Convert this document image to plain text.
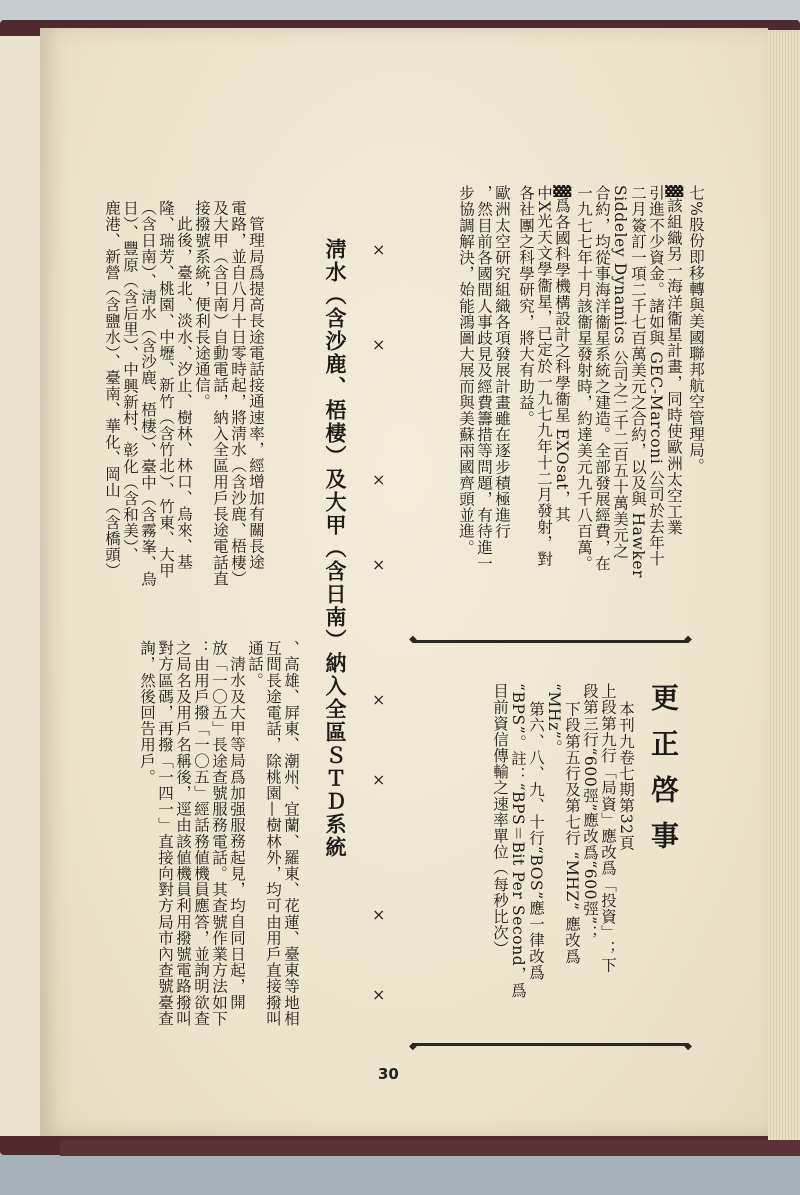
七%股份即移轉與美國聯邦航空管理局。
▓該組織另一海洋衞星計畫，同時使歐洲太空工業
引進不少資金。諸如與 GEC-Marconi 公司於去年十
二月簽訂一項二千七百萬美元之合約，以及與 Hawker
Siddeley Dynamics 公司之二千二百五十萬美元之
合約，均從事海洋衞星系統之建造。全部發展經費，在
一九七七年十月該衞星發射時，約達美元九千八百萬。
▓爲各國科學機構設計之科學衞星 EXOsat，其
中X光天文學衞星，已定於一九七九年十二月發射，對
各社團之科學研究，將大有助益。
歐洲太空研究組織各項發展計畫雖在逐步積極進行
，然目前各國間人事歧見及經費籌措等問題，有待進一
步協調解決，始能鴻圖大展而與美蘇兩國齊頭並進。
×
×
×
×
×
×
×
×
淸水（含沙鹿、梧棲）及大甲（含日南）納入全區ＳＴＤ系統
管理局爲提高長途電話接通速率，經增加有關長途
電路，並自八月十日零時起，將淸水（含沙鹿、梧棲）
及大甲（含日南）自動電話，納入全區用戶長途電話直
接撥號系統，便利長途通信。
此後，臺北、淡水、汐止、樹林、林口、烏來、基
隆、瑞芳、桃園、中壢、新竹（含竹北）、竹東、大甲
（含日南）、淸水（含沙鹿、梧棲）、臺中（含霧峯、烏
日）、豐原（含后里）、中興新村、彰化（含和美）、
鹿港、新營（含鹽水）、臺南、華化、岡山（含橋頭）
、高雄、屛東、潮州、宜蘭、羅東、花蓮、臺東等地相
互間長途電話，除桃園—樹林外，均可由用戶直接撥叫
通話。
淸水及大甲等局爲加强服務起見，均自同日起，開
放「一〇五」長途查號服務電話。其查號作業方法如下
：由用戶撥「一〇五」經話務値機員應答，並詢明欲查
之局名及用戶名稱後，逕由該値機員利用撥號電路撥叫
對方區碼，再撥「一四一」直接向對方局市內查號臺查
詢，然後回告用戶。
◆	◆
◆	◆
更正啓事
本刊九卷七期第32頁
上段第九行「局資」應改爲「投資」；下
段第三行“600弳”應改爲“600弳”；
下段第五行及第七行 “MHZ” 應改爲
“MHz”。
第六、八、九、十行“BOS”應一律改爲
“BPS”。註：“BPS＝Bit Per Second，爲
目前資信傳輸之速率單位（每秒比次）
30
